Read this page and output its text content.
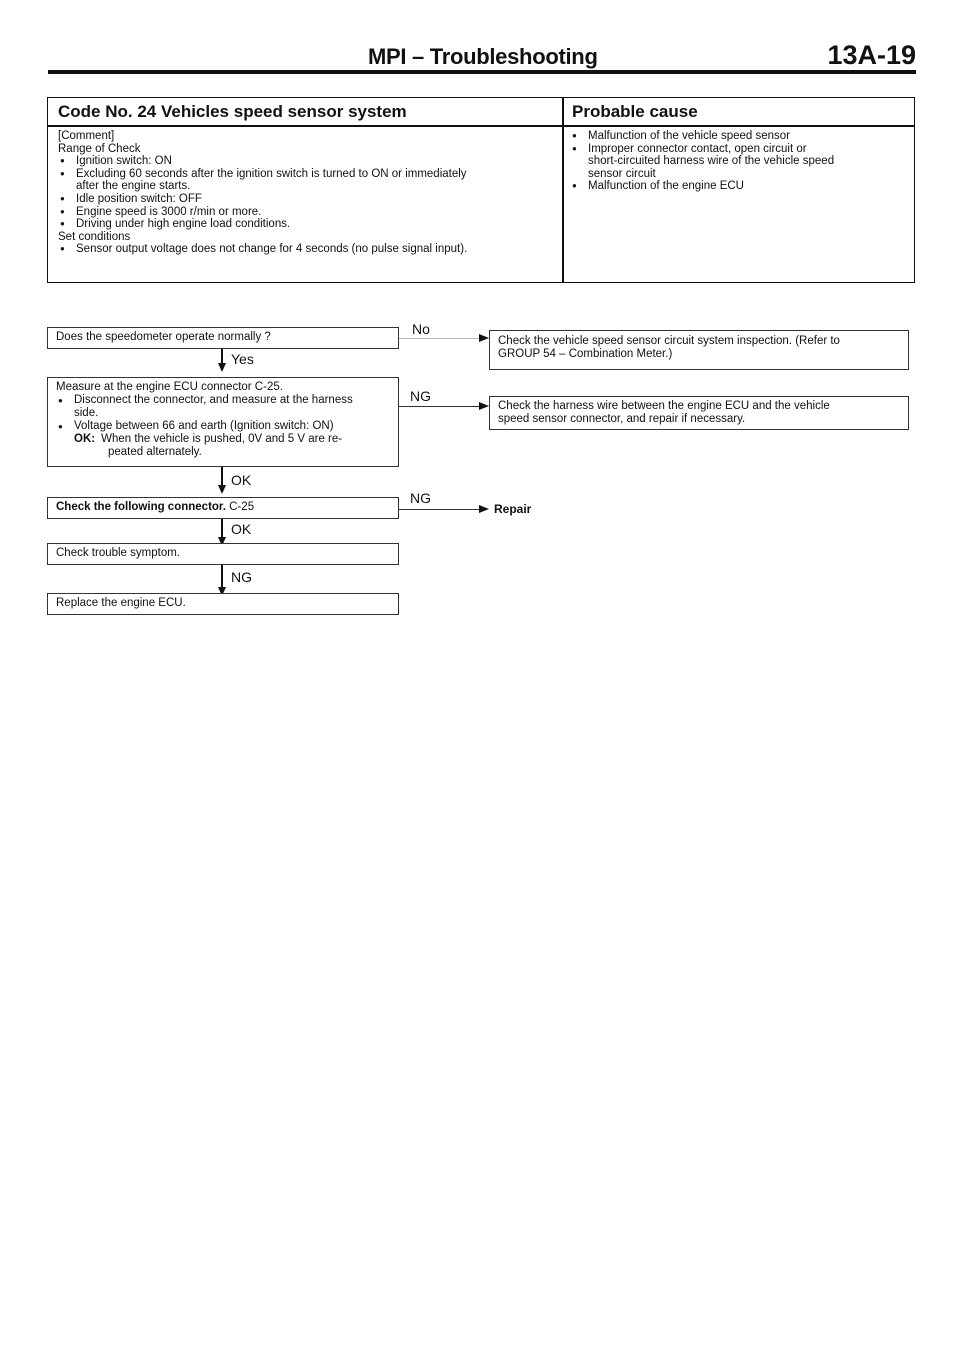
MPI – Troubleshooting	13A-19
Code No. 24 Vehicles speed sensor system	Probable cause
[Comment]
Range of Check
● Ignition switch: ON
● Excluding 60 seconds after the ignition switch is turned to ON or immediately
after the engine starts.
● Idle position switch: OFF
● Engine speed is 3000 r/min or more.
● Driving under high engine load conditions.
Set conditions
● Sensor output voltage does not change for 4 seconds (no pulse signal input).
● Malfunction of the vehicle speed sensor
● Improper connector contact, open circuit or
short-circuited harness wire of the vehicle speed
sensor circuit
● Malfunction of the engine ECU
Does the speedometer operate normally ?	No
Check the vehicle speed sensor circuit system inspection. (Refer to
GROUP 54 – Combination Meter.)
Yes
Measure at the engine ECU connector C-25.
● Disconnect the connector, and measure at the harness
side.
● Voltage between 66 and earth (Ignition switch: ON)
OK: When the vehicle is pushed, 0V and 5 V are re-
peated alternately.
NG
Check the harness wire between the engine ECU and the vehicle
speed sensor connector, and repair if necessary.
OK
Check the following connector. C-25
NG
Repair
OK
Check trouble symptom.
NG
Replace the engine ECU.
